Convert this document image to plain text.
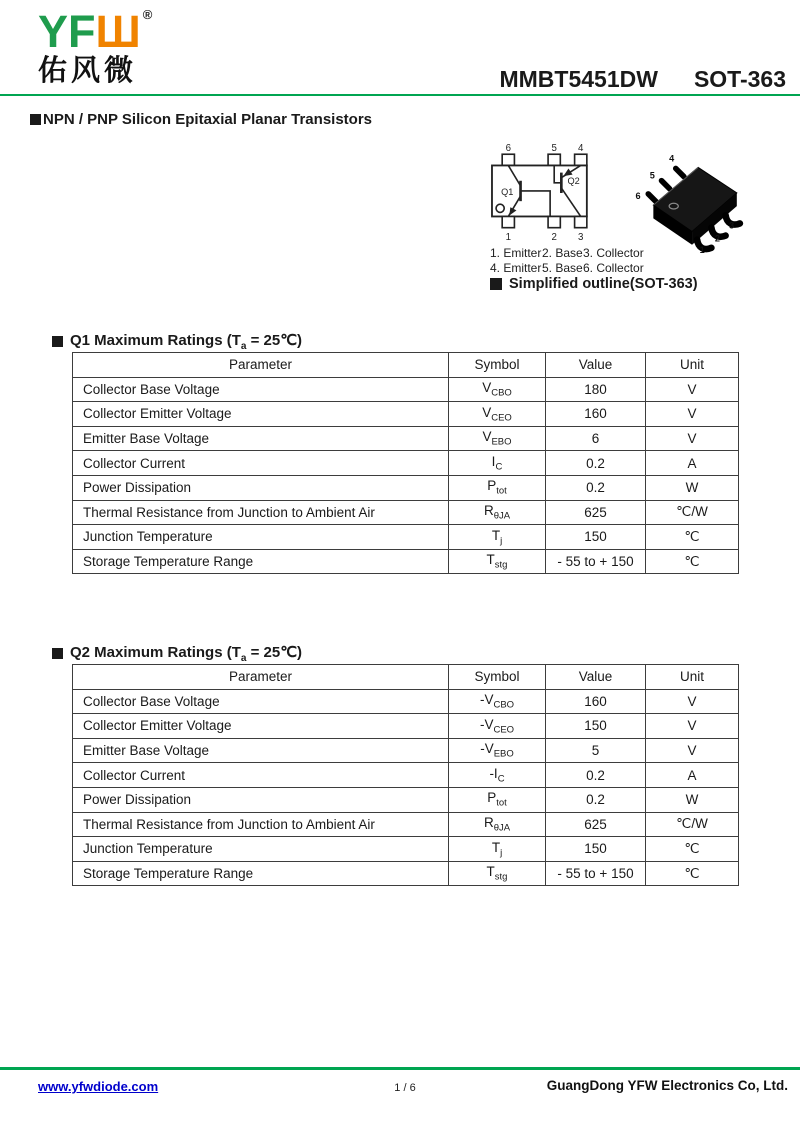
YFШ ®
佑风微	MMBT5451DW SOT-363
NPN / PNP Silicon Epitaxial Planar Transistors
6	5 4
1	2 3
Q1
Q2
4
5
6
1
2
3
1. Emitter 2. Base 3. Collector
4. Emitter 5. Base 6. Collector
Simplified outline(SOT-363)
Q1 Maximum Ratings ($T_a$ = 25℃)
Parameter	Symbol	Value	Unit
Collector Base Voltage	$V_{CBO}$	180	V
Collector Emitter Voltage	$V_{CEO}$	160	V
Emitter Base Voltage	$V_{EBO}$	6	V
Collector Current	$I_C$	0.2	A
Power Dissipation	$P_{tot}$	0.2	W
Thermal Resistance from Junction to Ambient Air	$R_{\theta JA}$	625	℃/W
Junction Temperature	$T_j$	150	℃
Storage Temperature Range	$T_{stg}$	- 55 to + 150	℃
Q2 Maximum Ratings ($T_a$ = 25℃)
Parameter	Symbol	Value	Unit
Collector Base Voltage	$-V_{CBO}$	160	V
Collector Emitter Voltage	$-V_{CEO}$	150	V
Emitter Base Voltage	$-V_{EBO}$	5	V
Collector Current	$-I_C$	0.2	A
Power Dissipation	$P_{tot}$	0.2	W
Thermal Resistance from Junction to Ambient Air	$R_{\theta JA}$	625	℃/W
Junction Temperature	$T_j$	150	℃
Storage Temperature Range	$T_{stg}$	- 55 to + 150	℃
www.yfwdiode.com	1 / 6	GuangDong YFW Electronics Co, Ltd.
